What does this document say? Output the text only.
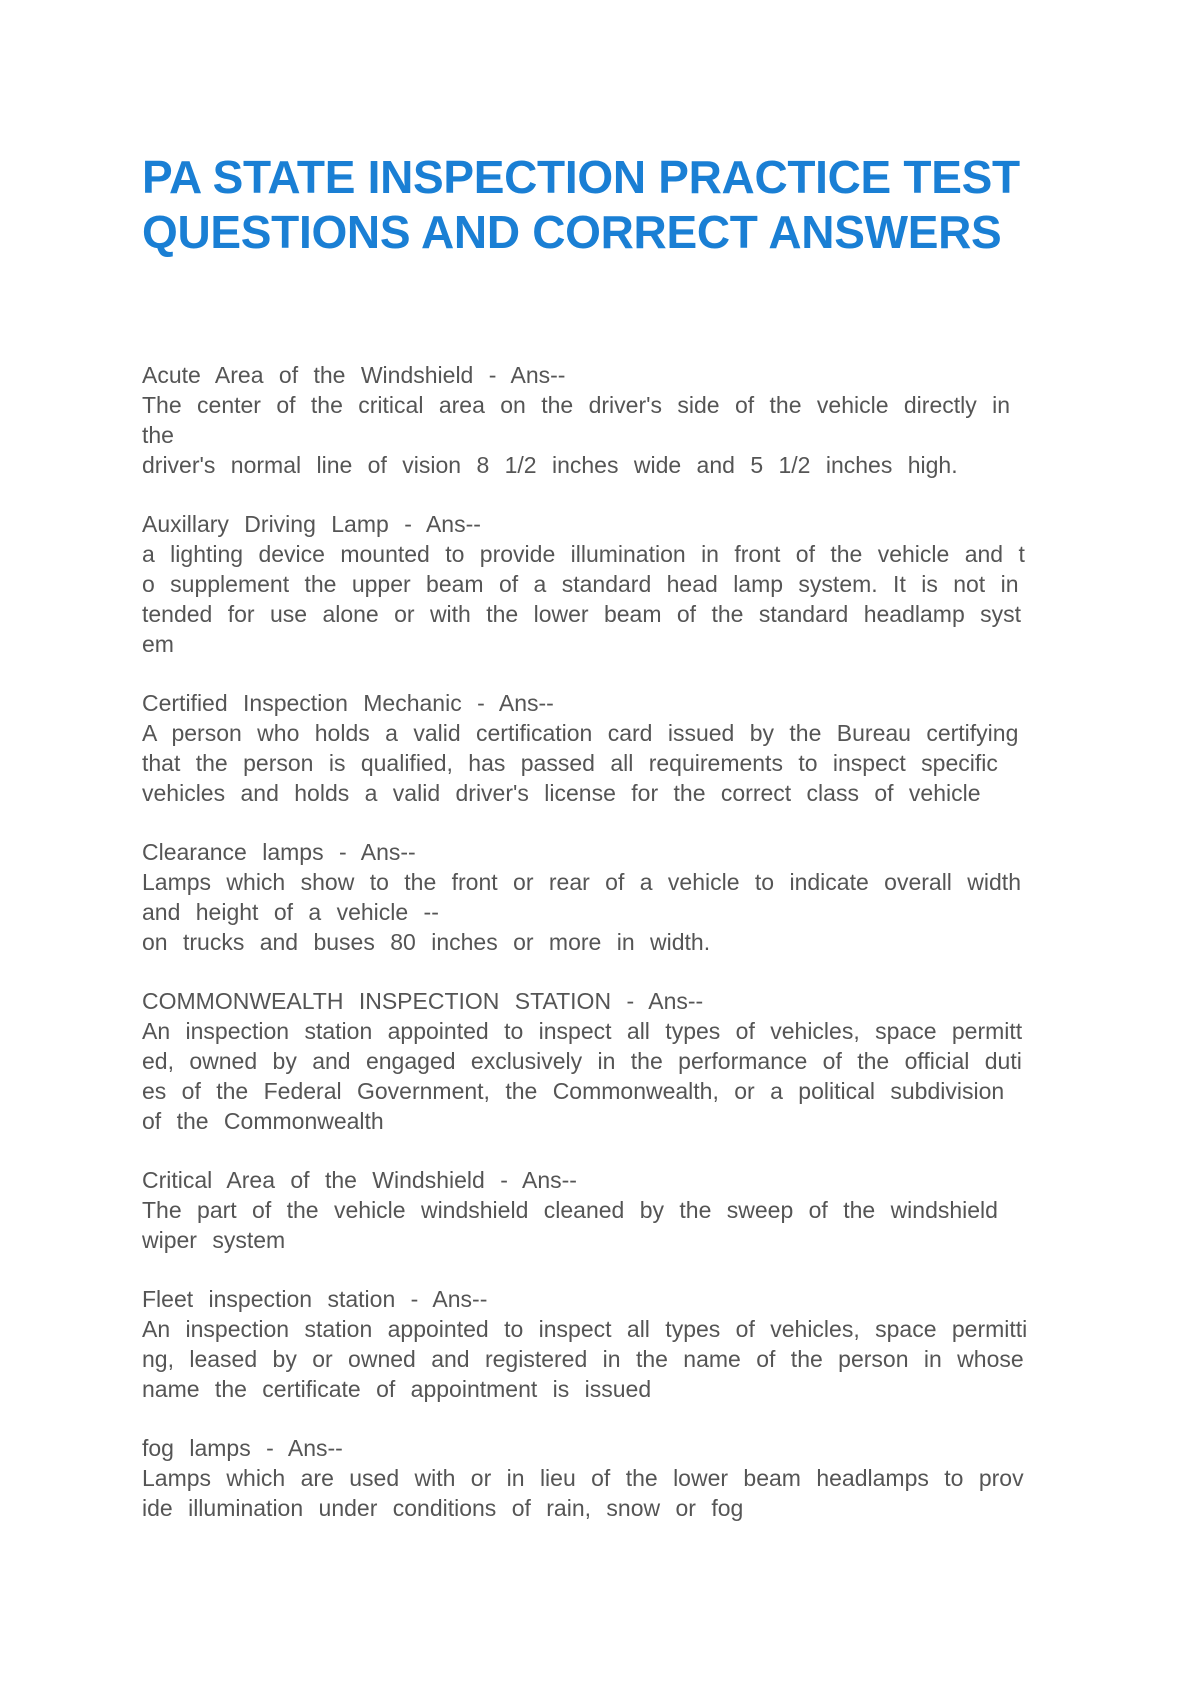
PA STATE INSPECTION PRACTICE TEST
QUESTIONS AND CORRECT ANSWERS

Acute Area of the Windshield - Ans--

The center of the critical area on the driver's side of the vehicle directly in

the

driver's normal line of vision 8 1/2 inches wide and 5 1/2 inches high.

Auxillary Driving Lamp - Ans--

a lighting device mounted to provide illumination in front of the vehicle and t

o supplement the upper beam of a standard head lamp system. It is not in

tended for use alone or with the lower beam of the standard headlamp syst

em

Certified Inspection Mechanic - Ans--

A person who holds a valid certification card issued by the Bureau certifying

that the person is qualified, has passed all requirements to inspect specific

vehicles and holds a valid driver's license for the correct class of vehicle

Clearance lamps - Ans--

Lamps which show to the front or rear of a vehicle to indicate overall width

and height of a vehicle --

on trucks and buses 80 inches or more in width.

COMMONWEALTH INSPECTION STATION - Ans--

An inspection station appointed to inspect all types of vehicles, space permitt

ed, owned by and engaged exclusively in the performance of the official duti

es of the Federal Government, the Commonwealth, or a political subdivision

of the Commonwealth

Critical Area of the Windshield - Ans--

The part of the vehicle windshield cleaned by the sweep of the windshield

wiper system

Fleet inspection station - Ans--

An inspection station appointed to inspect all types of vehicles, space permitti

ng, leased by or owned and registered in the name of the person in whose

name the certificate of appointment is issued

fog lamps - Ans--

Lamps which are used with or in lieu of the lower beam headlamps to prov

ide illumination under conditions of rain, snow or fog
